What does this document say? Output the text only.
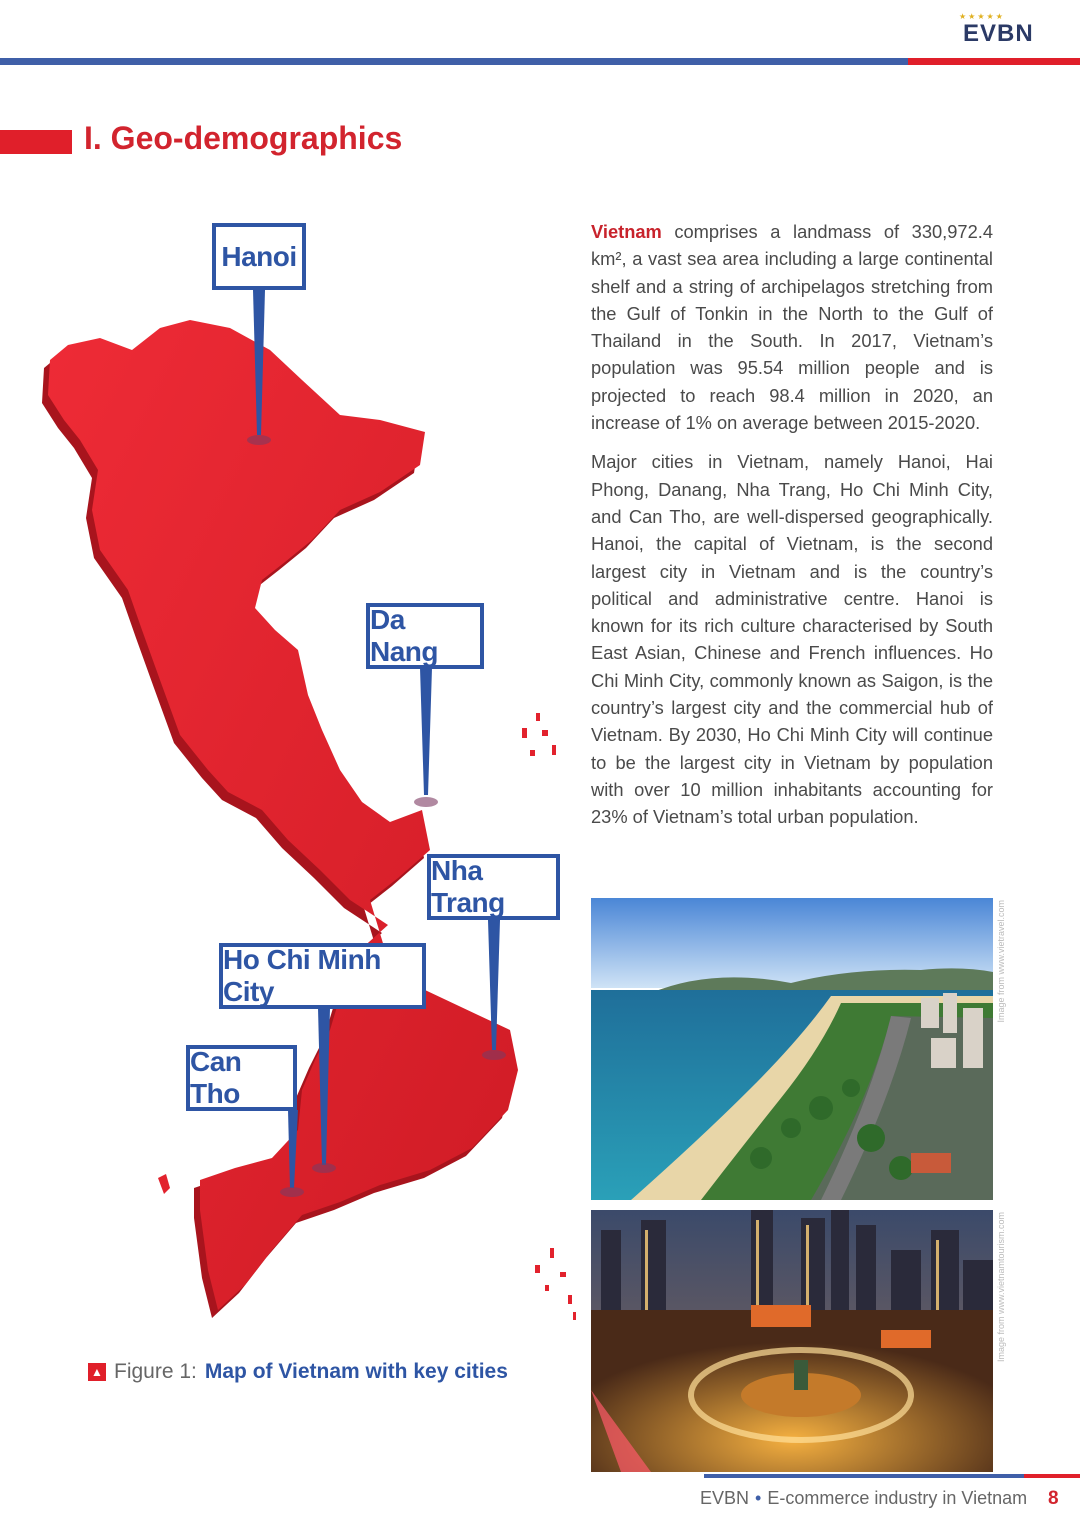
★★★★★
EVBN
I. Geo-demographics
Hanoi
Da Nang
Nha Trang
Ho Chi Minh City
Can Tho
▲ Figure 1: Map of Vietnam with key cities

Vietnam comprises a landmass of 330,972.4 km², a vast sea area including a large continental shelf and a string of archipelagos stretching from the Gulf of Tonkin in the North to the Gulf of Thailand in the South. In 2017, Vietnam’s population was 95.54 million people and is projected to reach 98.4 million in 2020, an increase of 1% on average between 2015-2020.

Major cities in Vietnam, namely Hanoi, Hai Phong, Danang, Nha Trang, Ho Chi Minh City, and Can Tho, are well-dispersed geographically. Hanoi, the capital of Vietnam, is the second largest city in Vietnam and is the country’s political and administrative centre. Hanoi is known for its rich culture characterised by South East Asian, Chinese and French influences. Ho Chi Minh City, commonly known as Saigon, is the country’s largest city and the commercial hub of Vietnam. By 2030, Ho Chi Minh City will continue to be the largest city in Vietnam by population with over 10 million inhabitants accounting for 23% of Vietnam’s total urban population.

Image from www.vietravel.com
Image from www.vietnamtourism.com
EVBN • E-commerce industry in Vietnam 8
